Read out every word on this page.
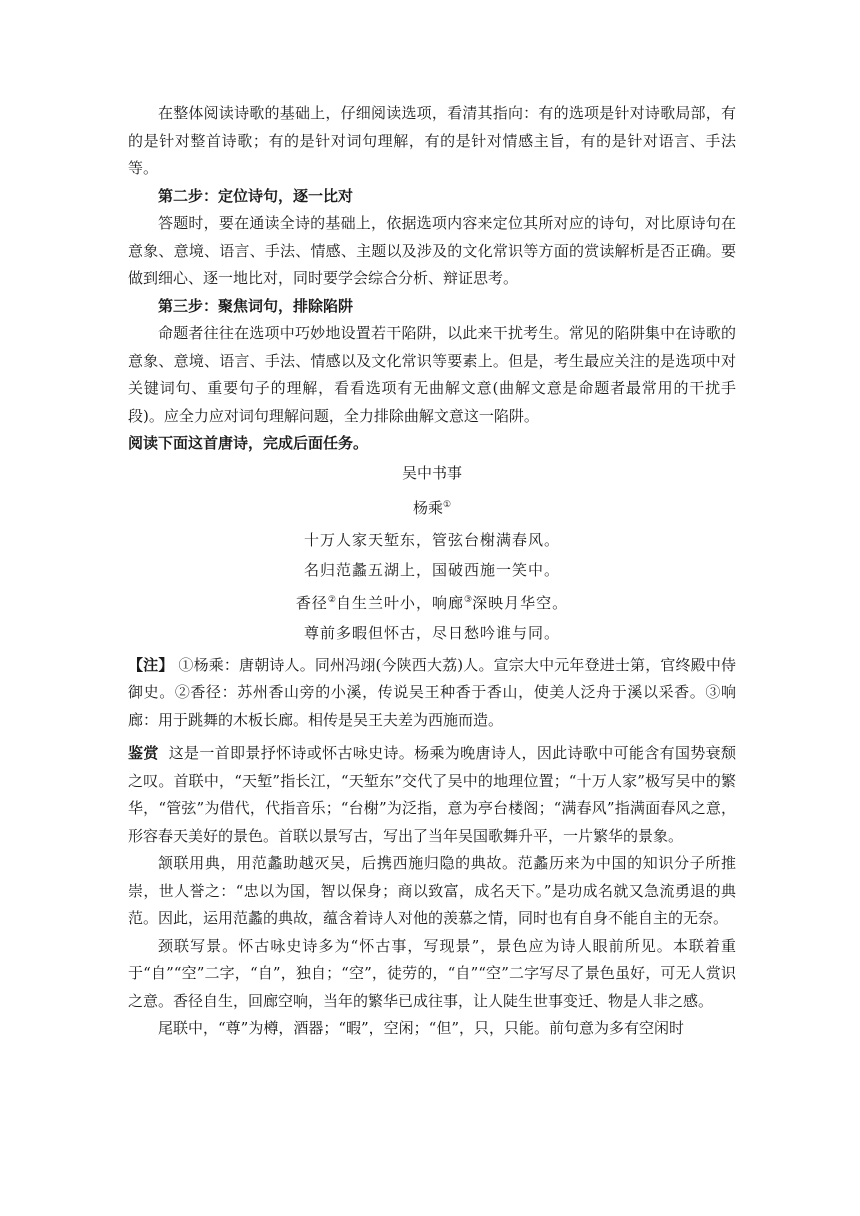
在整体阅读诗歌的基础上，仔细阅读选项，看清其指向：有的选项是针对诗歌局部，有的是针对整首诗歌；有的是针对词句理解，有的是针对情感主旨，有的是针对语言、手法等。

第二步：定位诗句，逐一比对

答题时，要在通读全诗的基础上，依据选项内容来定位其所对应的诗句，对比原诗句在意象、意境、语言、手法、情感、主题以及涉及的文化常识等方面的赏读解析是否正确。要做到细心、逐一地比对，同时要学会综合分析、辩证思考。

第三步：聚焦词句，排除陷阱

命题者往往在选项中巧妙地设置若干陷阱，以此来干扰考生。常见的陷阱集中在诗歌的意象、意境、语言、手法、情感以及文化常识等要素上。但是，考生最应关注的是选项中对关键词句、重要句子的理解，看看选项有无曲解文意(曲解文意是命题者最常用的干扰手段)。应全力应对词句理解问题，全力排除曲解文意这一陷阱。

阅读下面这首唐诗，完成后面任务。

吴中书事
杨乘①
十万人家天堑东，管弦台榭满春风。
名归范蠡五湖上，国破西施一笑中。
香径②自生兰叶小，响廊③深映月华空。
尊前多暇但怀古，尽日愁吟谁与同。

【注】 ①杨乘：唐朝诗人。同州冯翊(今陕西大荔)人。宣宗大中元年登进士第，官终殿中侍御史。②香径：苏州香山旁的小溪，传说吴王种香于香山，使美人泛舟于溪以采香。③响廊：用于跳舞的木板长廊。相传是吴王夫差为西施而造。

鉴赏 这是一首即景抒怀诗或怀古咏史诗。杨乘为晚唐诗人，因此诗歌中可能含有国势衰颓之叹。首联中，“天堑”指长江，“天堑东”交代了吴中的地理位置；“十万人家”极写吴中的繁华，“管弦”为借代，代指音乐；“台榭”为泛指，意为亭台楼阁；“满春风”指满面春风之意，形容春天美好的景色。首联以景写古，写出了当年吴国歌舞升平，一片繁华的景象。

颔联用典，用范蠡助越灭吴，后携西施归隐的典故。范蠡历来为中国的知识分子所推崇，世人誉之：“忠以为国，智以保身；商以致富，成名天下。”是功成名就又急流勇退的典范。因此，运用范蠡的典故，蕴含着诗人对他的羡慕之情，同时也有自身不能自主的无奈。

颈联写景。怀古咏史诗多为“怀古事，写现景”，景色应为诗人眼前所见。本联着重于“自”“空”二字，“自”，独自；“空”，徒劳的，“自”“空”二字写尽了景色虽好，可无人赏识之意。香径自生，回廊空响，当年的繁华已成往事，让人陡生世事变迁、物是人非之感。

尾联中，“尊”为樽，酒器；“暇”，空闲；“但”，只，只能。前句意为多有空闲时
